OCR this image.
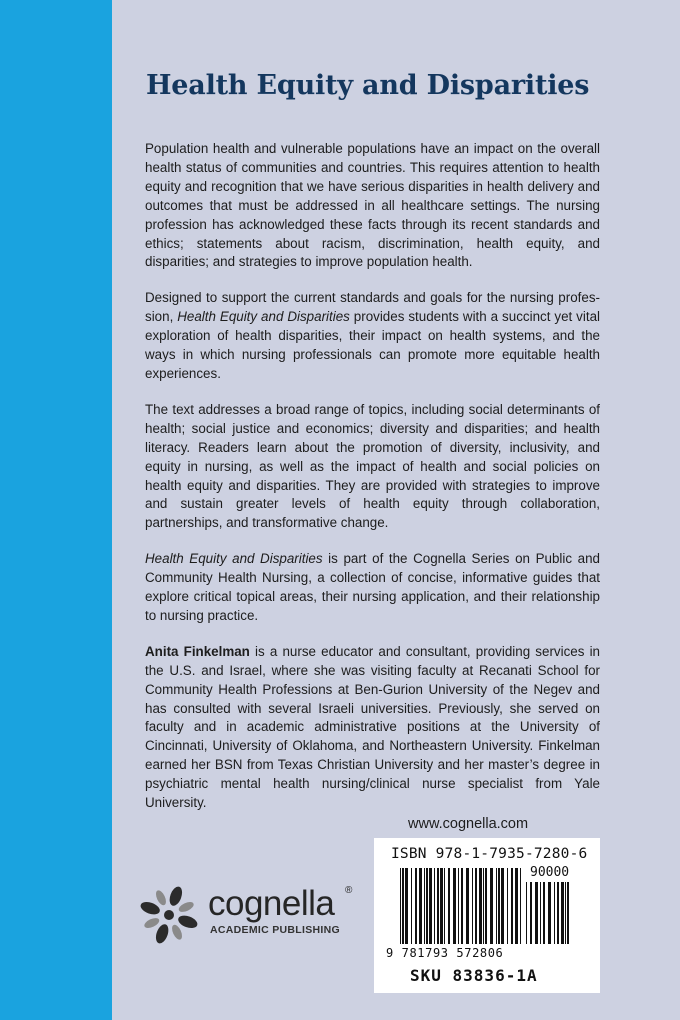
Health Equity and Disparities

Population health and vulnerable populations have an impact on the overall health status of communities and countries. This requires attention to health equity and recognition that we have serious disparities in health delivery and outcomes that must be addressed in all healthcare settings. The nursing profession has acknowledged these facts through its recent standards and ethics; statements about racism, discrimination, health equity, and disparities; and strategies to improve population health.

Designed to support the current standards and goals for the nursing profession, Health Equity and Disparities provides students with a succinct yet vital exploration of health disparities, their impact on health systems, and the ways in which nursing professionals can promote more equitable health experiences.

The text addresses a broad range of topics, including social determinants of health; social justice and economics; diversity and disparities; and health literacy. Readers learn about the promotion of diversity, inclusivity, and equity in nursing, as well as the impact of health and social policies on health equity and disparities. They are provided with strategies to improve and sustain greater levels of health equity through collaboration, partnerships, and transformative change.

Health Equity and Disparities is part of the Cognella Series on Public and Community Health Nursing, a collection of concise, informative guides that explore critical topical areas, their nursing application, and their relationship to nursing practice.

Anita Finkelman is a nurse educator and consultant, providing services in the U.S. and Israel, where she was visiting faculty at Recanati School for Community Health Professions at Ben-Gurion University of the Negev and has consulted with several Israeli universities. Previously, she served on faculty and in academic administrative positions at the University of Cincinnati, University of Oklahoma, and Northeastern University. Finkelman earned her BSN from Texas Christian University and her master’s degree in psychiatric mental health nursing/clinical nurse specialist from Yale University.

www.cognella.com
cognella ®
ACADEMIC PUBLISHING
ISBN 978-1-7935-7280-6
90000
9 781793 572806
SKU 83836-1A
